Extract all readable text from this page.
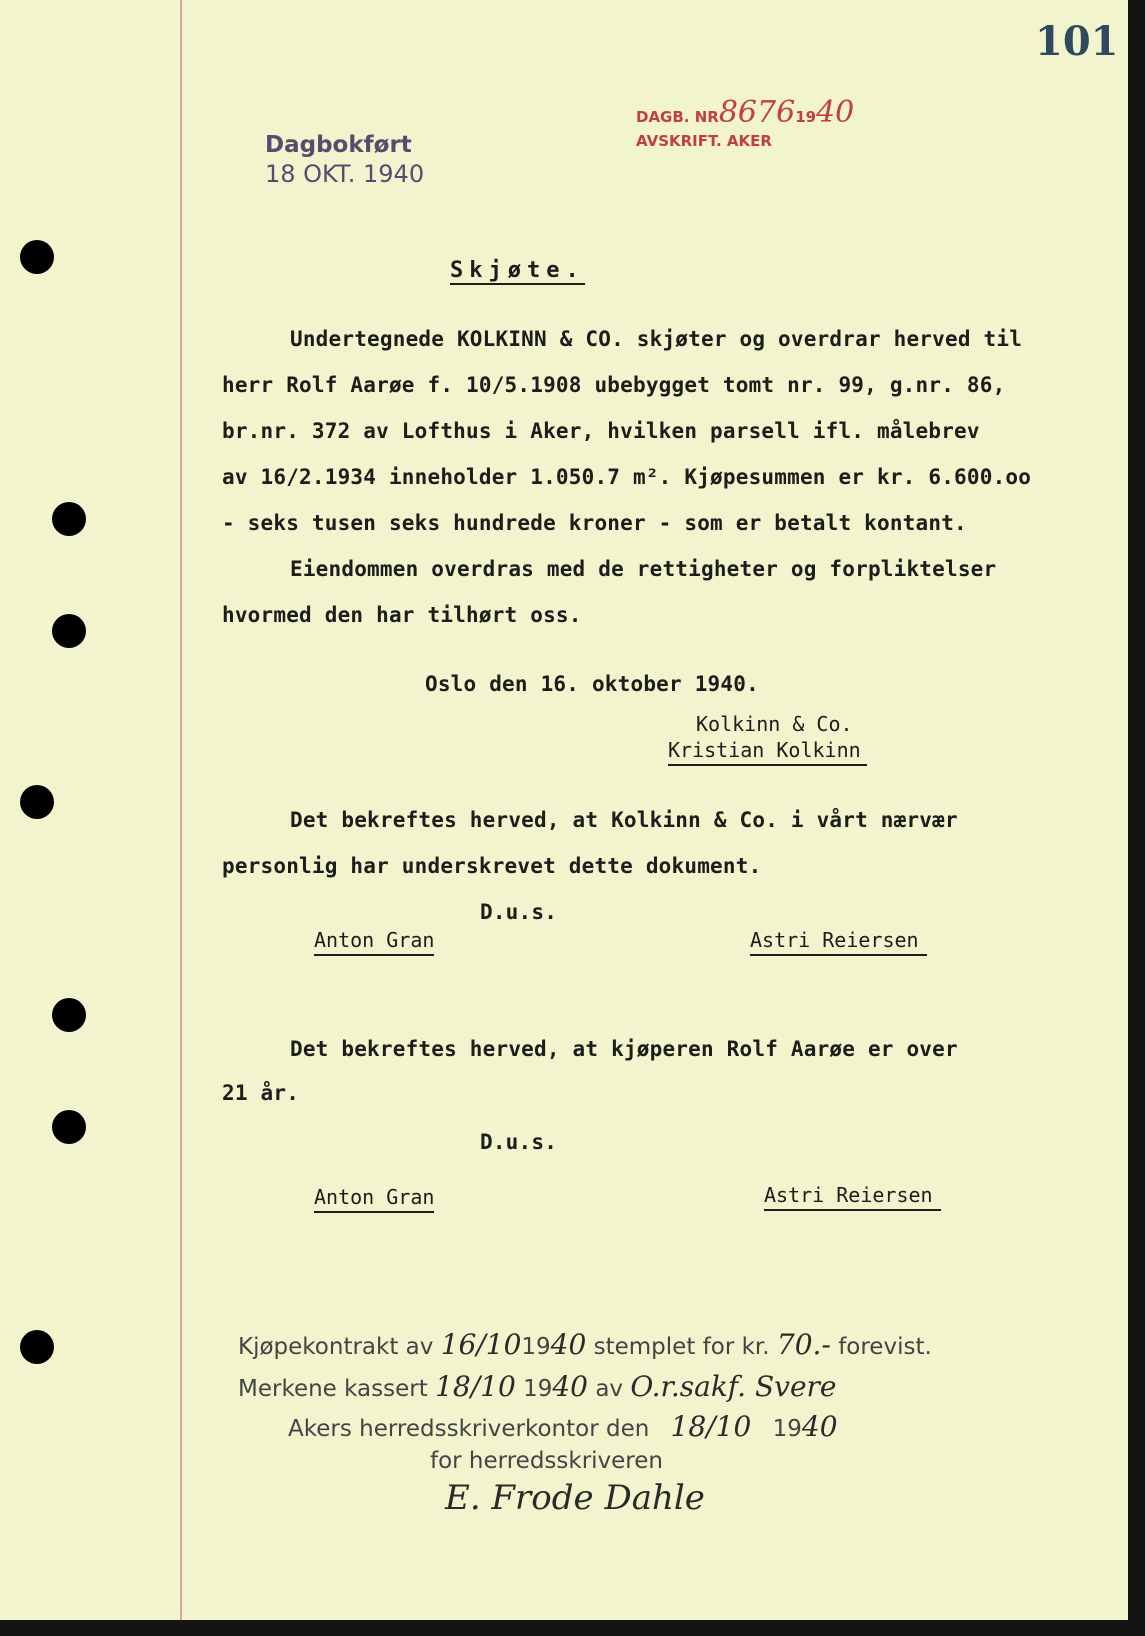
101
Dagbokført
18 OKT. 1940
DAGB. NR86761940
AVSKRIFT. AKER
Skjøte.
Undertegnede KOLKINN & CO. skjøter og overdrar herved til
herr Rolf Aarøe f. 10/5.1908 ubebygget tomt nr. 99, g.nr. 86,
br.nr. 372 av Lofthus i Aker, hvilken parsell ifl. målebrev
av 16/2.1934 inneholder 1.050.7 m². Kjøpesummen er kr. 6.600.oo
- seks tusen seks hundrede kroner - som er betalt kontant.
Eiendommen overdras med de rettigheter og forpliktelser
hvormed den har tilhørt oss.
Oslo den 16. oktober 1940.
Kolkinn & Co.
Kristian Kolkinn
Det bekreftes herved, at Kolkinn & Co. i vårt nærvær
personlig har underskrevet dette dokument.
D.u.s.
Anton Gran	Astri Reiersen
Det bekreftes herved, at kjøperen Rolf Aarøe er over
21 år.
D.u.s.
Anton Gran	Astri Reiersen
Kjøpekontrakt av 16/101940 stemplet for kr. 70.- forevist.
Merkene kassert 18/10 1940 av O.r.sakf. Svere
Akers herredsskriverkontor den 18/10 1940
for herredsskriveren
E. Frode Dahle
